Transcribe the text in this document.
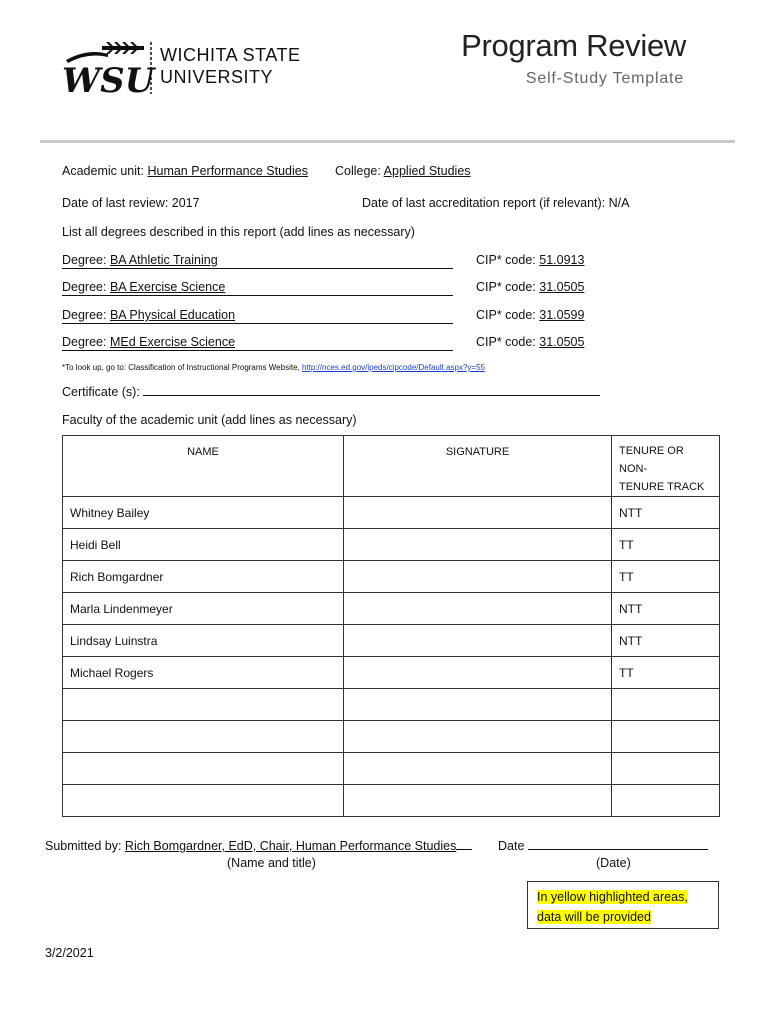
WSU
WICHITA STATE
UNIVERSITY
Program Review
Self-Study Template
Academic unit: Human Performance Studies College: Applied Studies
Date of last review: 2017	Date of last accreditation report (if relevant): N/A
List all degrees described in this report (add lines as necessary)
Degree: BA Athletic Training	CIP* code: 51.0913
Degree: BA Exercise Science	CIP* code: 31.0505
Degree: BA Physical Education	CIP* code: 31.0599
Degree: MEd Exercise Science	CIP* code: 31.0505
*To look up, go to: Classification of Instructional Programs Website, http://nces.ed.gov/ipeds/cipcode/Default.aspx?y=55
Certificate (s):
Faculty of the academic unit (add lines as necessary)
NAME	SIGNATURE	TENURE OR NON-
TENURE TRACK
Whitney Bailey		NTT
Heidi Bell		TT
Rich Bomgardner		TT
Marla Lindenmeyer		NTT
Lindsay Luinstra		NTT
Michael Rogers		TT

Submitted by: Rich Bomgardner, EdD, Chair, Human Performance Studies
(Name and title)
Date
(Date)
In yellow highlighted areas,
data will be provided
3/2/2021
